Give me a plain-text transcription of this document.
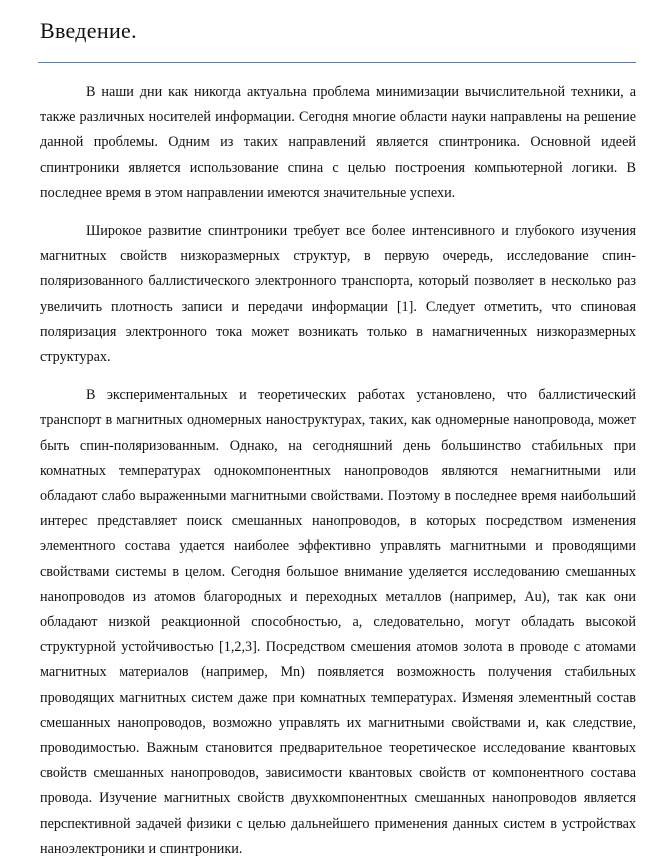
Введение.

В наши дни как никогда актуальна проблема минимизации вычислительной техники, а также различных носителей информации. Сегодня многие области науки направлены на решение данной проблемы. Одним из таких направлений является спинтроника. Основной идеей спинтроники является использование спина с целью построения компьютерной логики. В последнее время в этом направлении имеются значительные успехи.

Широкое развитие спинтроники требует все более интенсивного и глубокого изучения магнитных свойств низкоразмерных структур, в первую очередь, исследование спин-поляризованного баллистического электронного транспорта, который позволяет в несколько раз увеличить плотность записи и передачи информации [1]. Следует отметить, что спиновая поляризация электронного тока может возникать только в намагниченных низкоразмерных структурах.

В экспериментальных и теоретических работах установлено, что баллистический транспорт в магнитных одномерных наноструктурах, таких, как одномерные нанопровода, может быть спин-поляризованным. Однако, на сегодняшний день большинство стабильных при комнатных температурах однокомпонентных нанопроводов являются немагнитными или обладают слабо выраженными магнитными свойствами. Поэтому в последнее время наибольший интерес представляет поиск смешанных нанопроводов, в которых посредством изменения элементного состава удается наиболее эффективно управлять магнитными и проводящими свойствами системы в целом. Сегодня большое внимание уделяется исследованию смешанных нанопроводов из атомов благородных и переходных металлов (например, Au), так как они обладают низкой реакционной способностью, а, следовательно, могут обладать высокой структурной устойчивостью [1,2,3]. Посредством смешения атомов золота в проводе с атомами магнитных материалов (например, Mn) появляется возможность получения стабильных проводящих магнитных систем даже при комнатных температурах. Изменяя элементный состав смешанных нанопроводов, возможно управлять их магнитными свойствами и, как следствие, проводимостью. Важным становится предварительное теоретическое исследование квантовых свойств смешанных нанопроводов, зависимости квантовых свойств от компонентного состава провода. Изучение магнитных свойств двухкомпонентных смешанных нанопроводов является перспективной задачей физики с целью дальнейшего применения данных систем в устройствах наноэлектроники и спинтроники.
